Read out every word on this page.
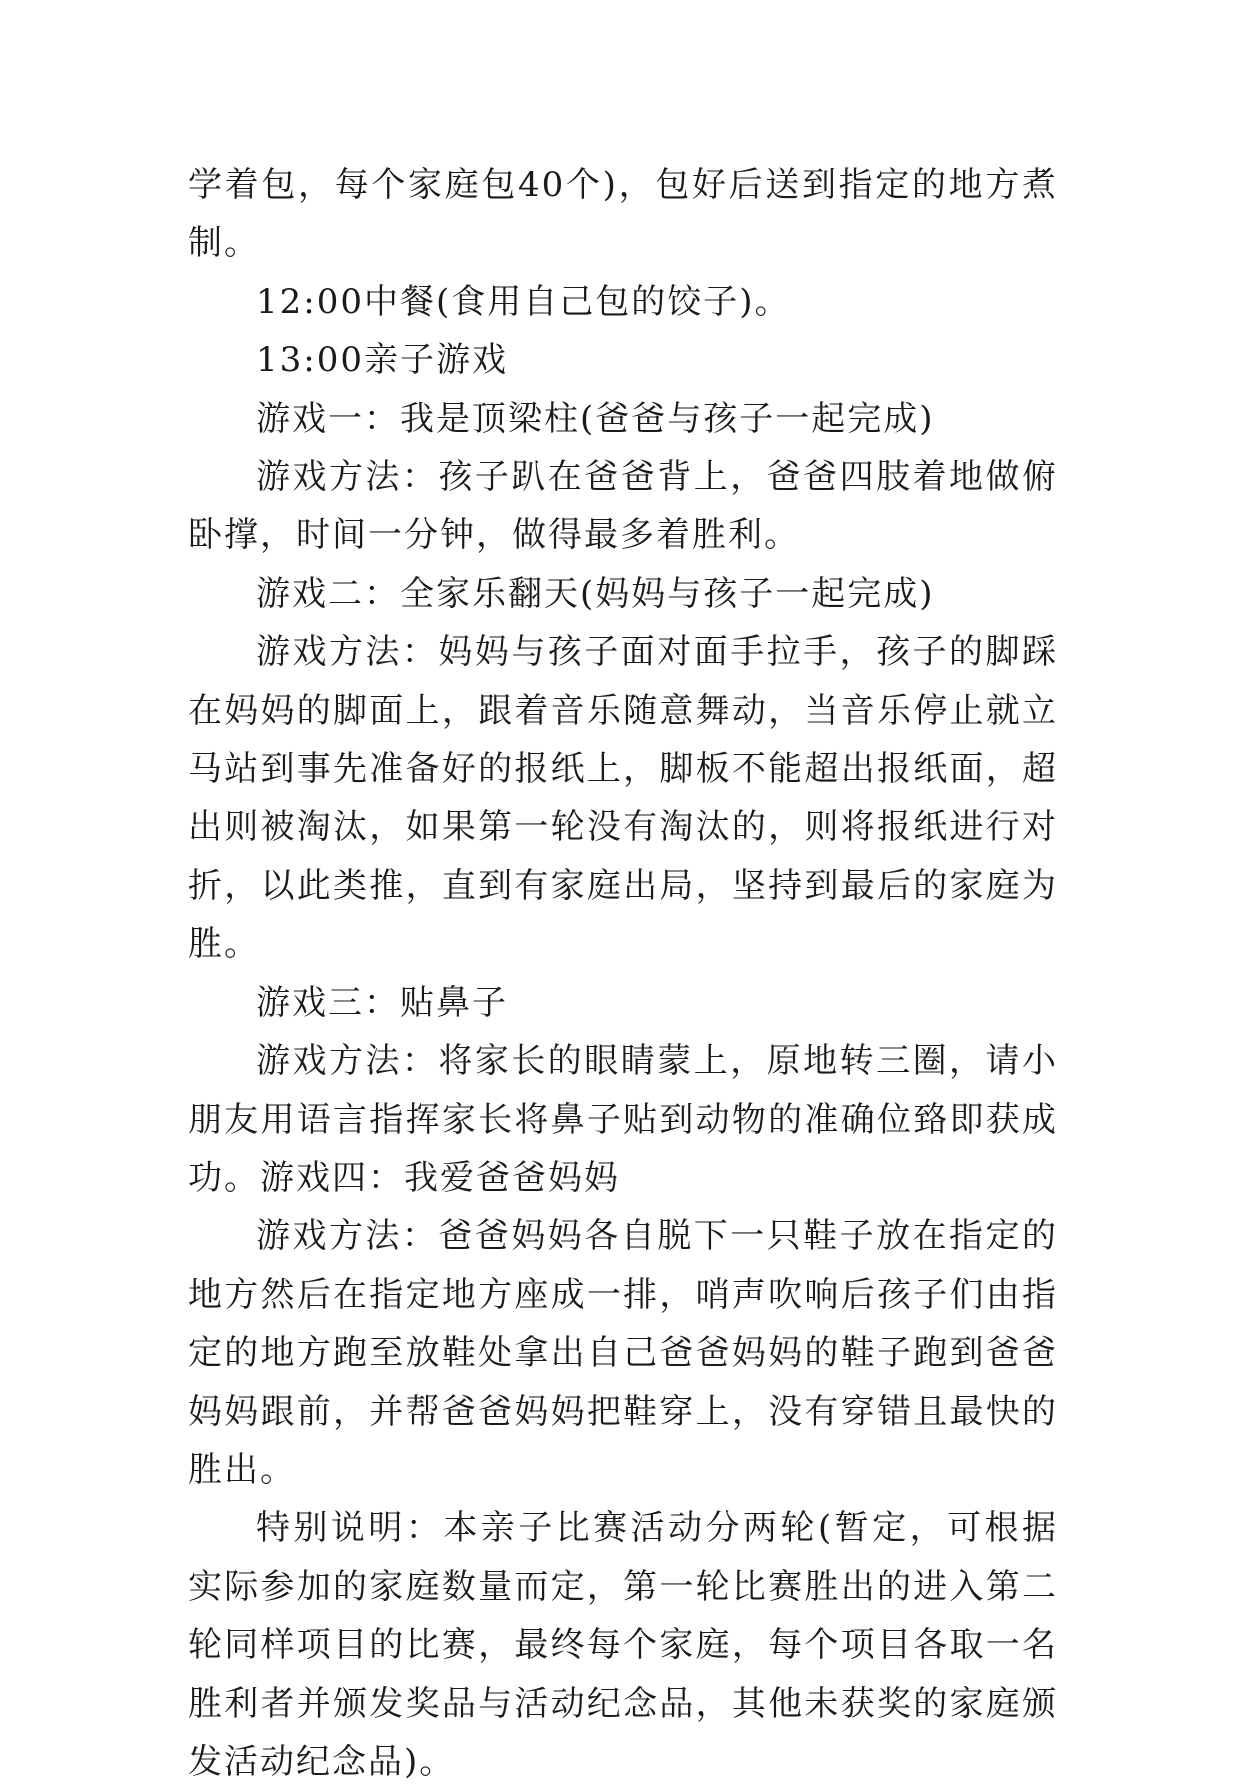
学着包，每个家庭包40个)，包好后送到指定的地方煮制。

12:00中餐(食用自己包的饺子)。

13:00亲子游戏

游戏一：我是顶梁柱(爸爸与孩子一起完成)

游戏方法：孩子趴在爸爸背上，爸爸四肢着地做俯卧撑，时间一分钟，做得最多着胜利。

游戏二：全家乐翻天(妈妈与孩子一起完成)

游戏方法：妈妈与孩子面对面手拉手，孩子的脚踩在妈妈的脚面上，跟着音乐随意舞动，当音乐停止就立马站到事先准备好的报纸上，脚板不能超出报纸面，超出则被淘汰，如果第一轮没有淘汰的，则将报纸进行对折，以此类推，直到有家庭出局，坚持到最后的家庭为胜。

游戏三：贴鼻子

游戏方法：将家长的眼睛蒙上，原地转三圈，请小朋友用语言指挥家长将鼻子贴到动物的准确位臵即获成功。游戏四：我爱爸爸妈妈

游戏方法：爸爸妈妈各自脱下一只鞋子放在指定的地方然后在指定地方座成一排，哨声吹响后孩子们由指定的地方跑至放鞋处拿出自己爸爸妈妈的鞋子跑到爸爸妈妈跟前，并帮爸爸妈妈把鞋穿上，没有穿错且最快的胜出。

特别说明：本亲子比赛活动分两轮(暂定，可根据实际参加的家庭数量而定，第一轮比赛胜出的进入第二轮同样项目的比赛，最终每个家庭，每个项目各取一名胜利者并颁发奖品与活动纪念品，其他未获奖的家庭颁发活动纪念品)。
